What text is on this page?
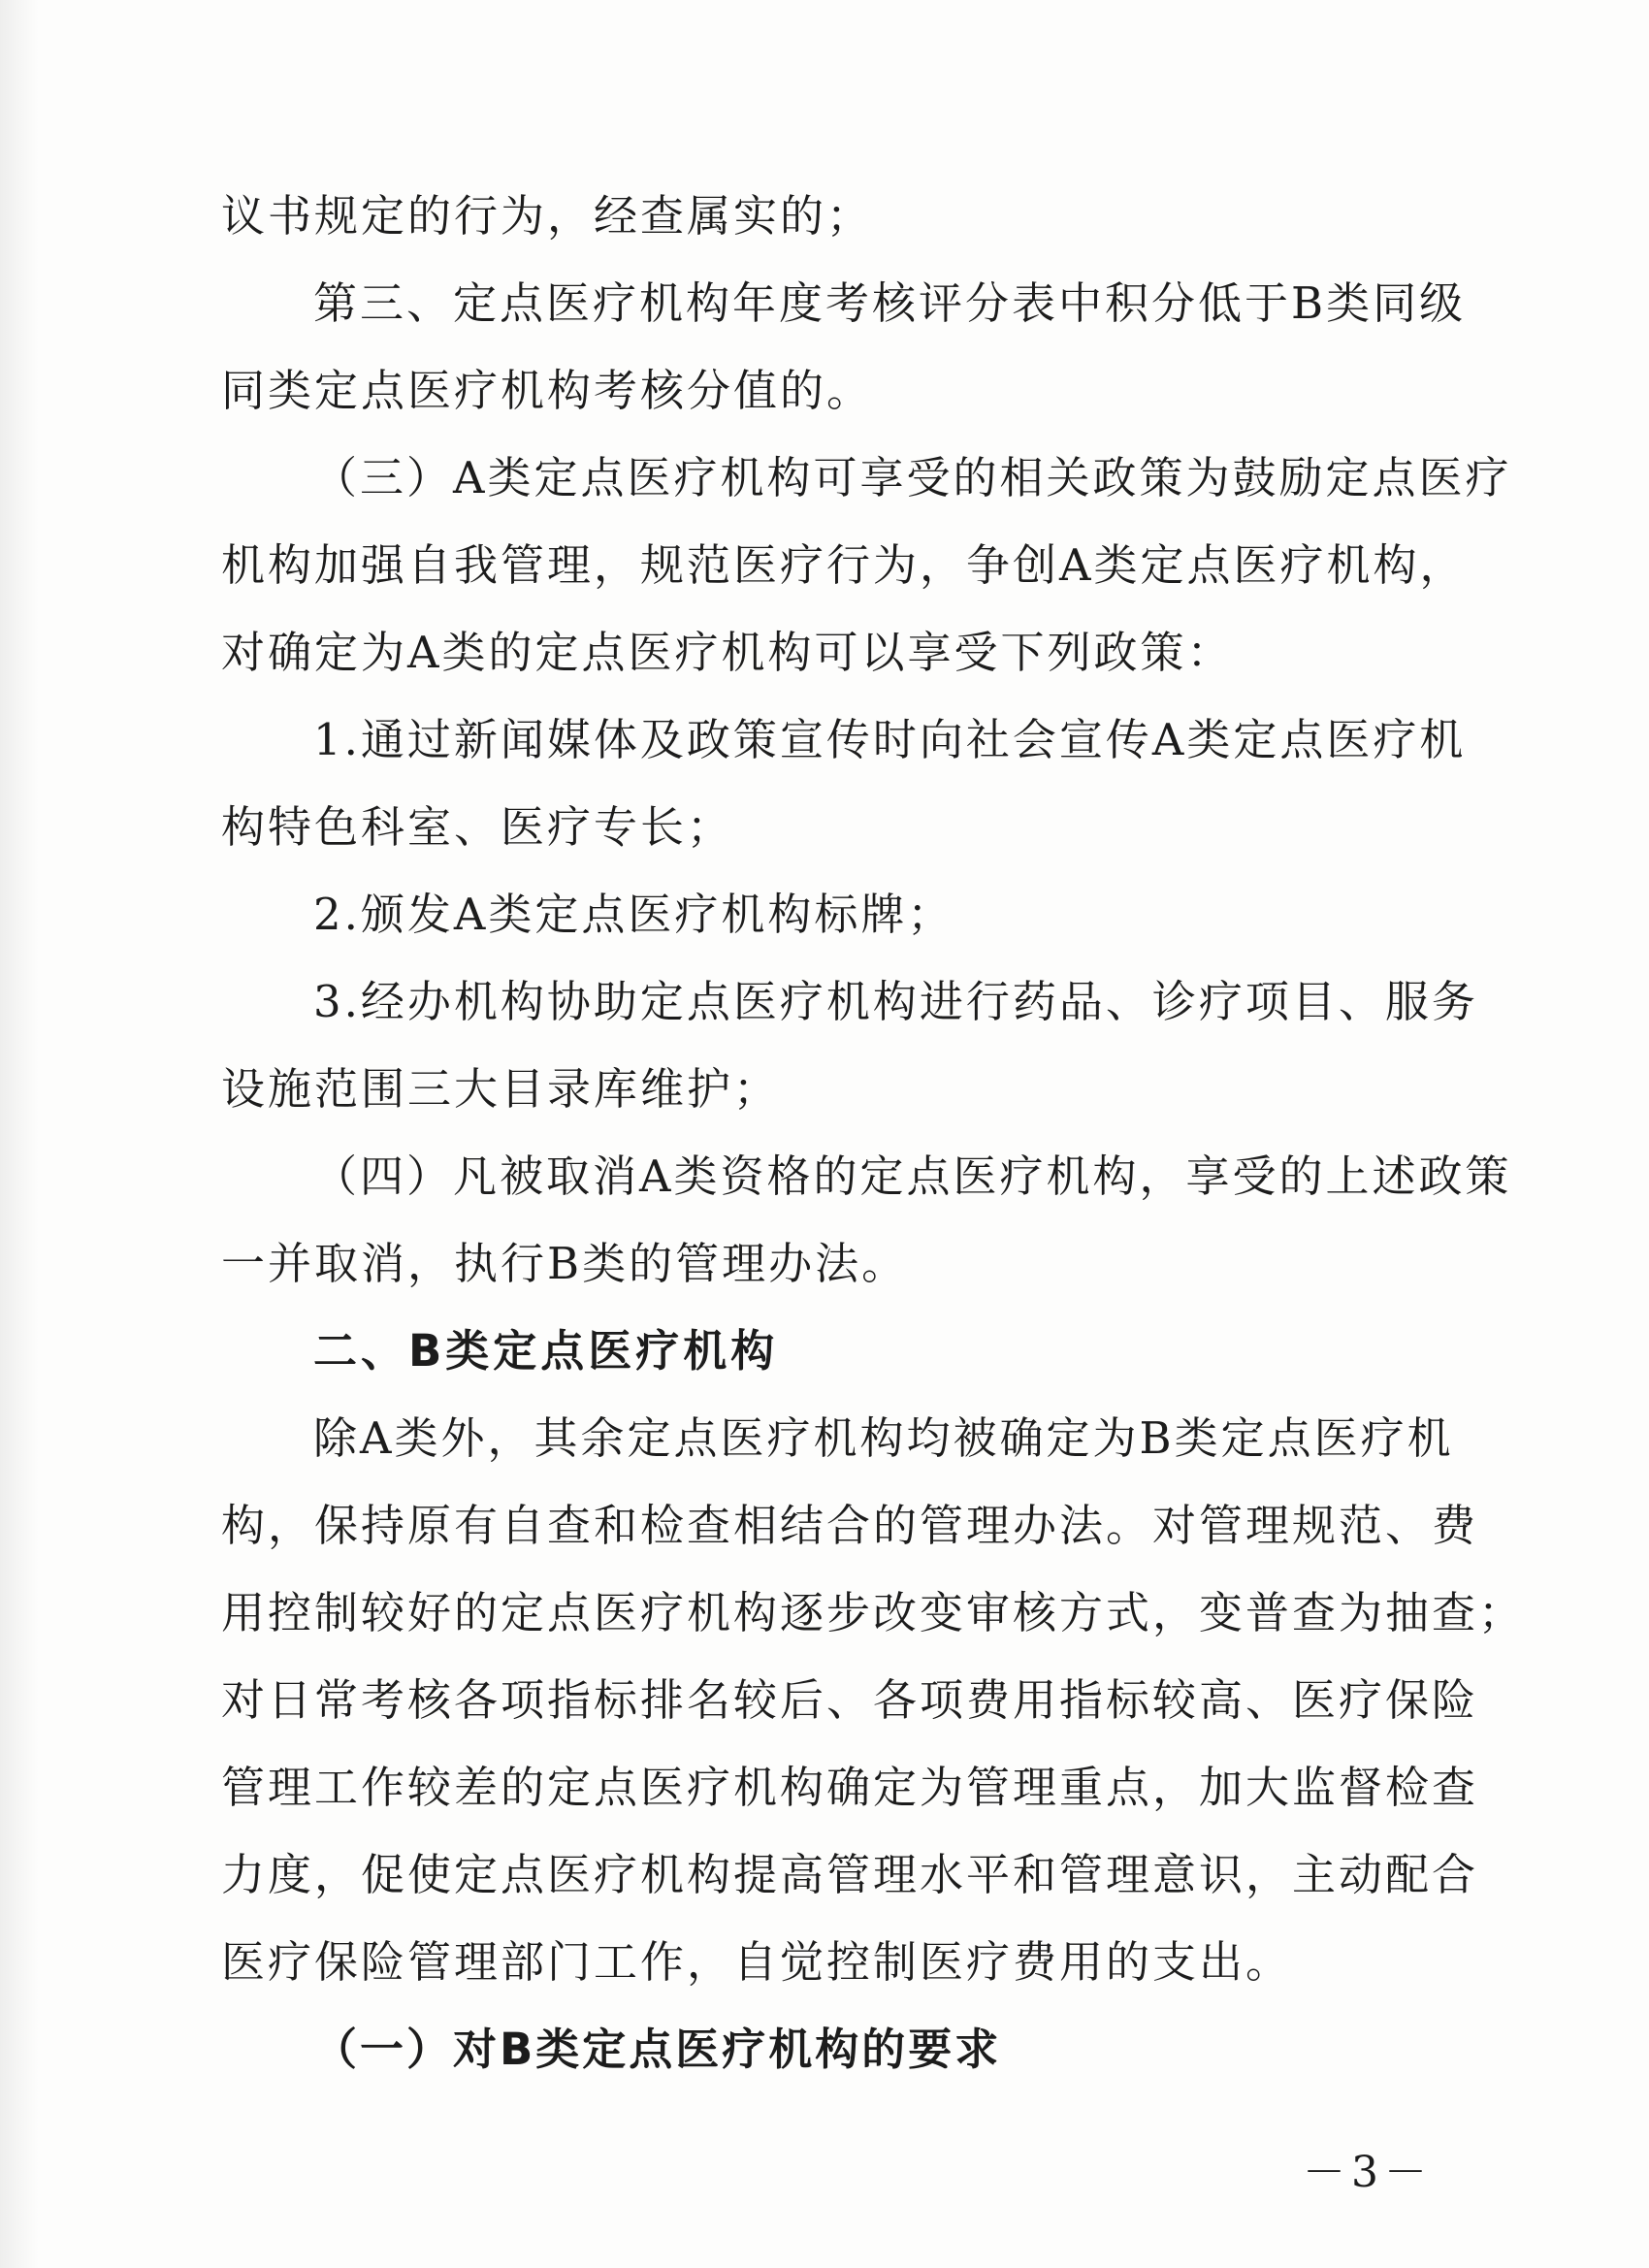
议书规定的行为，经查属实的；
第三、定点医疗机构年度考核评分表中积分低于B类同级
同类定点医疗机构考核分值的。
（三）A类定点医疗机构可享受的相关政策为鼓励定点医疗
机构加强自我管理，规范医疗行为，争创A类定点医疗机构，
对确定为A类的定点医疗机构可以享受下列政策：
1.通过新闻媒体及政策宣传时向社会宣传A类定点医疗机
构特色科室、医疗专长；
2.颁发A类定点医疗机构标牌；
3.经办机构协助定点医疗机构进行药品、诊疗项目、服务
设施范围三大目录库维护；
（四）凡被取消A类资格的定点医疗机构，享受的上述政策
一并取消，执行B类的管理办法。
二、B类定点医疗机构
除A类外，其余定点医疗机构均被确定为B类定点医疗机
构，保持原有自查和检查相结合的管理办法。对管理规范、费
用控制较好的定点医疗机构逐步改变审核方式，变普查为抽查；
对日常考核各项指标排名较后、各项费用指标较高、医疗保险
管理工作较差的定点医疗机构确定为管理重点，加大监督检查
力度，促使定点医疗机构提高管理水平和管理意识，主动配合
医疗保险管理部门工作，自觉控制医疗费用的支出。
（一）对B类定点医疗机构的要求
－3－
